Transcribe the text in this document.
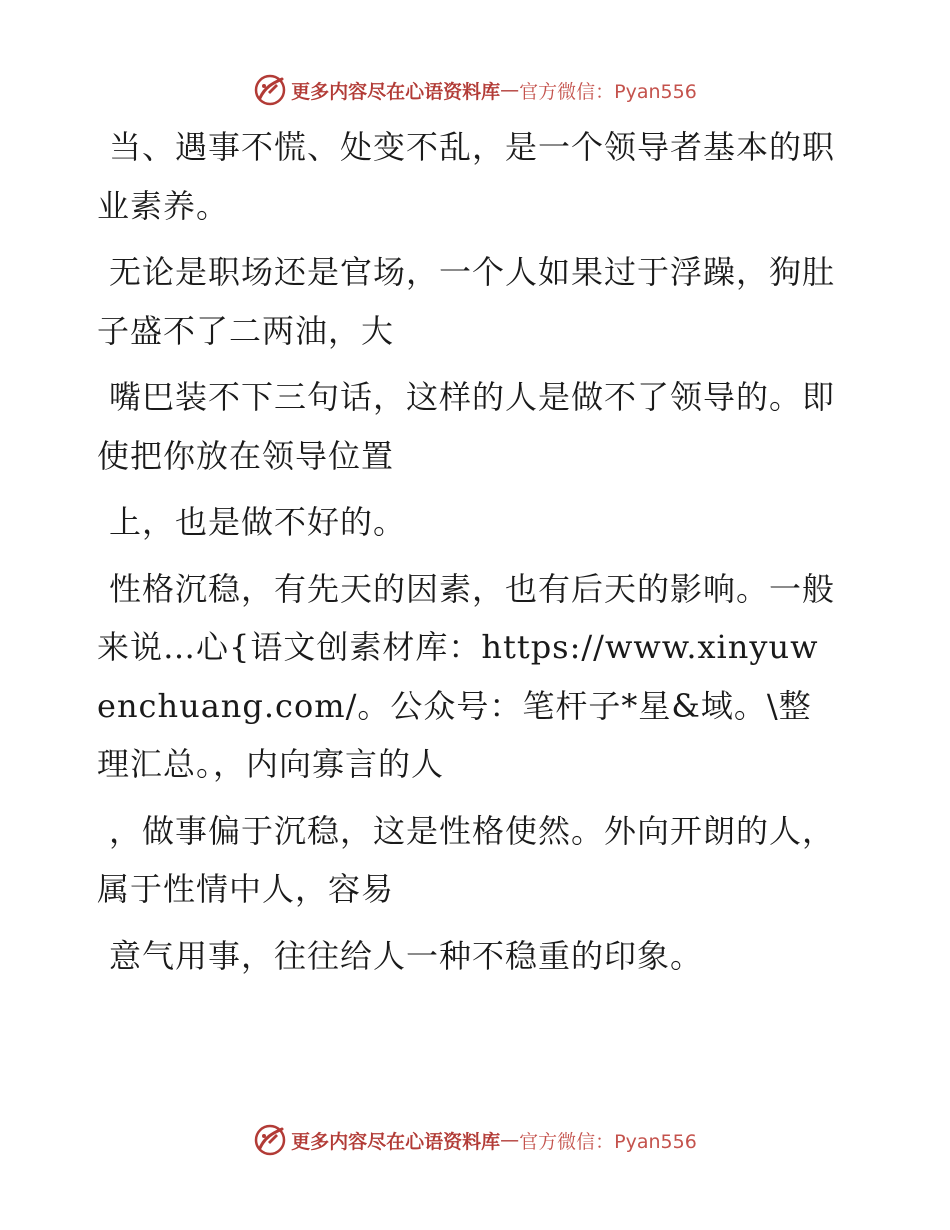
更多内容尽在心语资料库 — 官方微信：Pyan556

当、遇事不慌、处变不乱，是一个领导者基本的职业素养。

无论是职场还是官场，一个人如果过于浮躁，狗肚子盛不了二两油，大

嘴巴装不下三句话，这样的人是做不了领导的。即使把你放在领导位置

上，也是做不好的。

性格沉稳，有先天的因素，也有后天的影响。一般来说…心{语文创素材库：https://www.xinyuwenchuang.com/。公众号：笔杆子*星&域。\整理汇总。，内向寡言的人

，做事偏于沉稳，这是性格使然。外向开朗的人，属于性情中人，容易

意气用事，往往给人一种不稳重的印象。

更多内容尽在心语资料库 — 官方微信：Pyan556
